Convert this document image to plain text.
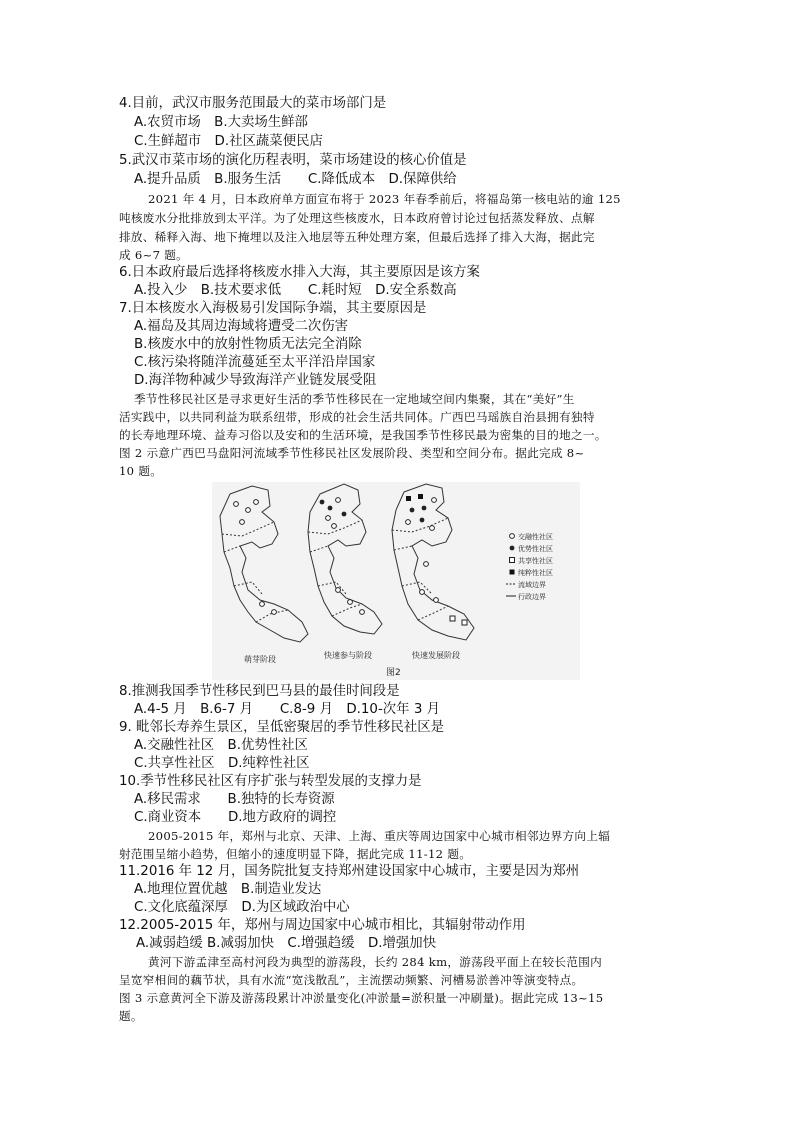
4.目前，武汉市服务范围最大的菜市场部门是
A.农贸市场　B.大卖场生鲜部
C.生鲜超市　D.社区蔬菜便民店
5.武汉市菜市场的演化历程表明，菜市场建设的核心价值是
A.提升品质　B.服务生活　　C.降低成本　D.保障供给
2021 年 4 月，日本政府单方面宣布将于 2023 年春季前后，将福岛第一核电站的逾 125
吨核废水分批排放到太平洋。为了处理这些核废水，日本政府曾讨论过包括蒸发释放、点解
排放、稀释入海、地下掩埋以及注入地层等五种处理方案，但最后选择了排入大海，据此完
成 6~7 题。
6.日本政府最后选择将核废水排入大海，其主要原因是该方案
A.投入少　B.技术要求低　　C.耗时短　D.安全系数高
7.日本核废水入海极易引发国际争端，其主要原因是
A.福岛及其周边海域将遭受二次伤害
B.核废水中的放射性物质无法完全消除
C.核污染将随洋流蔓延至太平洋沿岸国家
D.海洋物种减少导致海洋产业链发展受阻
季节性移民社区是寻求更好生活的季节性移民在一定地域空间内集聚，其在“美好”生
活实践中，以共同利益为联系纽带，形成的社会生活共同体。广西巴马瑶族自治县拥有独特
的长寿地理环境、益寿习俗以及安和的生活环境，是我国季节性移民最为密集的目的地之一。
图 2 示意广西巴马盘阳河流域季节性移民社区发展阶段、类型和空间分布。据此完成 8~
10 题。
萌芽阶段	快速参与阶段	快速发展阶段
交融性社区
优势性社区
共享性社区
纯粹性社区
流域边界
行政边界
图2
8.推测我国季节性移民到巴马县的最佳时间段是
A.4-5 月　B.6-7 月　　C.8-9 月　D.10-次年 3 月
9. 毗邻长寿养生景区，呈低密聚居的季节性移民社区是
A.交融性社区　B.优势性社区
C.共享性社区　D.纯粹性社区
10.季节性移民社区有序扩张与转型发展的支撑力是
A.移民需求　　B.独特的长寿资源
C.商业资本　　D.地方政府的调控
2005-2015 年，郑州与北京、天津、上海、重庆等周边国家中心城市相邻边界方向上辐
射范围呈缩小趋势，但缩小的速度明显下降，据此完成 11-12 题。
11.2016 年 12 月，国务院批复支持郑州建设国家中心城市，主要是因为郑州
A.地理位置优越　B.制造业发达
C.文化底蕴深厚　D.为区域政治中心
12.2005-2015 年，郑州与周边国家中心城市相比，其辐射带动作用
A.减弱趋缓 B.减弱加快　C.增强趋缓　D.增强加快
黄河下游孟津至高村河段为典型的游荡段，长约 284 km，游荡段平面上在较长范围内
呈宽窄相间的藕节状，具有水流“宽浅散乱”，主流摆动频繁、河槽易淤善冲等演变特点。
图 3 示意黄河全下游及游荡段累计冲淤量变化(冲淤量=淤积量一冲刷量)。据此完成 13~15
题。
